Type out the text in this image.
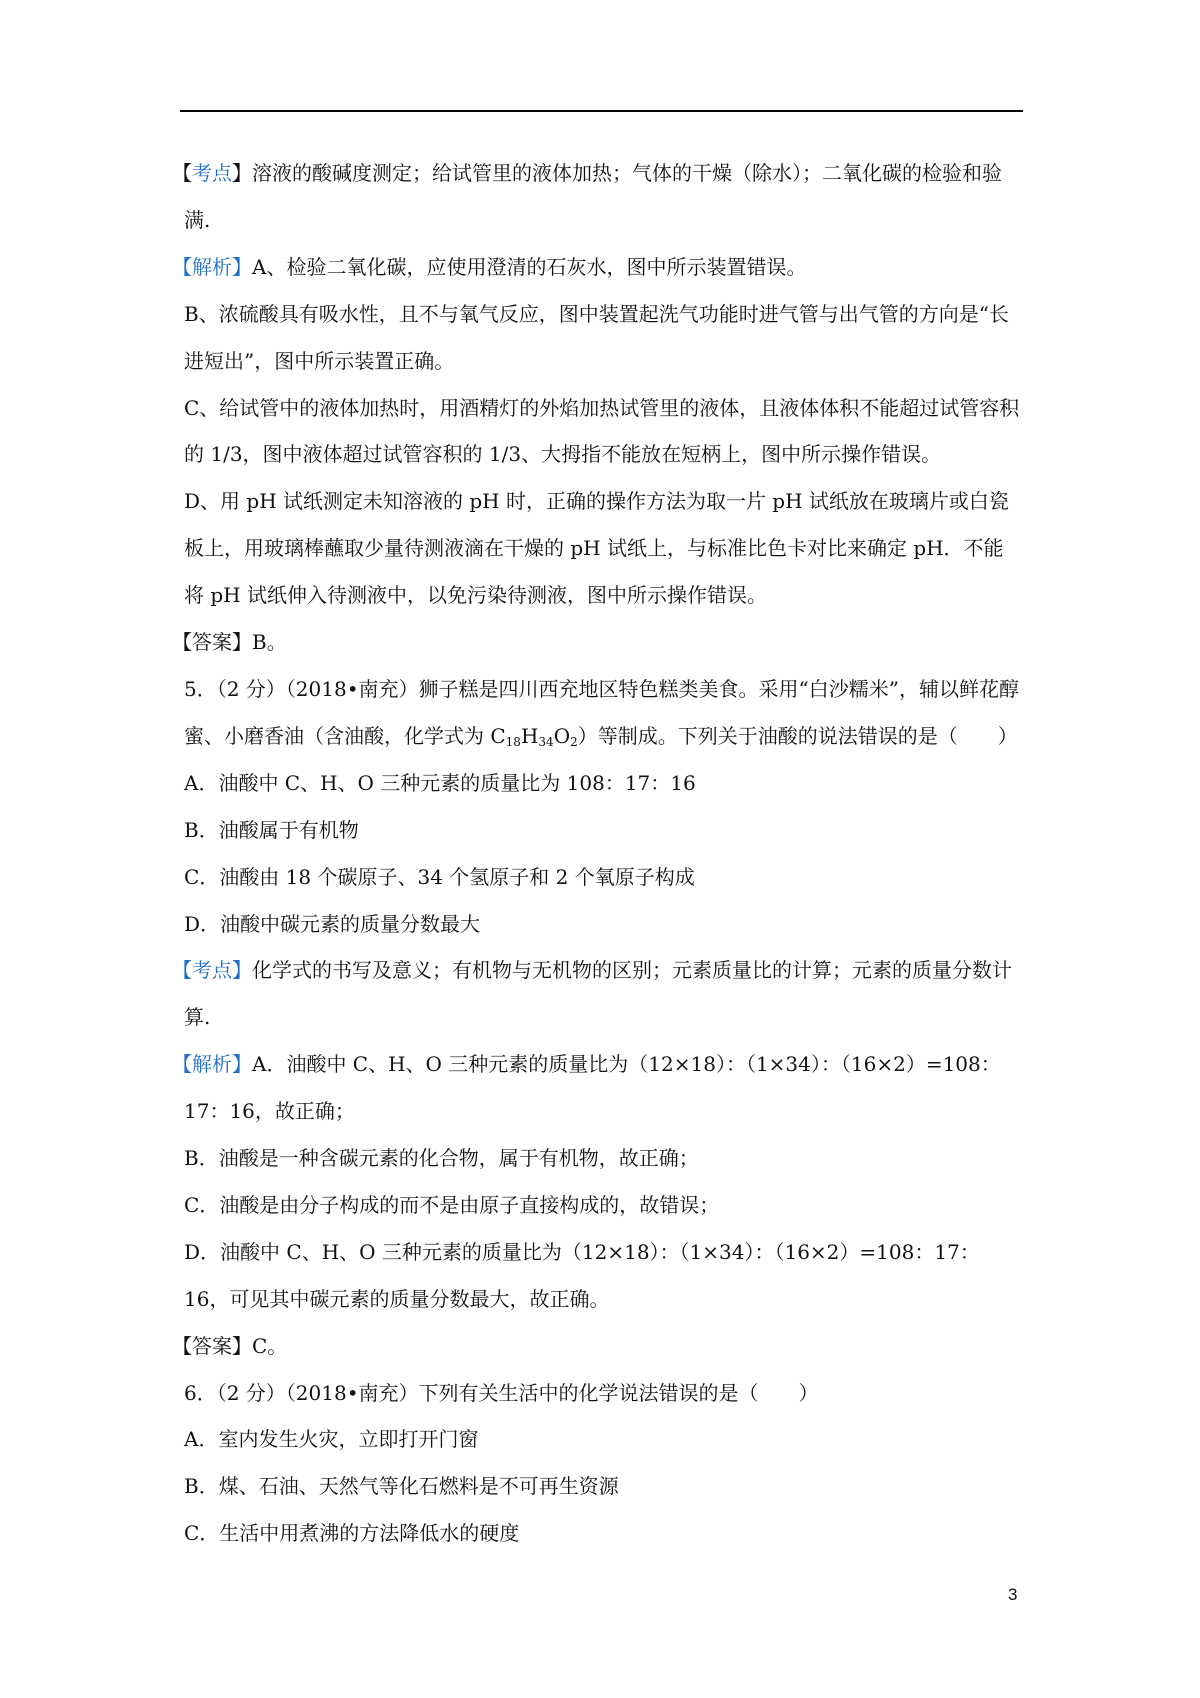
【考点】溶液的酸碱度测定；给试管里的液体加热；气体的干燥（除水）；二氧化碳的检验和验满.

【解析】A、检验二氧化碳，应使用澄清的石灰水，图中所示装置错误。

B、浓硫酸具有吸水性，且不与氧气反应，图中装置起洗气功能时进气管与出气管的方向是“长进短出”，图中所示装置正确。

C、给试管中的液体加热时，用酒精灯的外焰加热试管里的液体，且液体体积不能超过试管容积的 1/3，图中液体超过试管容积的 1/3、大拇指不能放在短柄上，图中所示操作错误。

D、用 pH 试纸测定未知溶液的 pH 时，正确的操作方法为取一片 pH 试纸放在玻璃片或白瓷板上，用玻璃棒蘸取少量待测液滴在干燥的 pH 试纸上，与标准比色卡对比来确定 pH．不能将 pH 试纸伸入待测液中，以免污染待测液，图中所示操作错误。

【答案】B。

5．（2 分）（2018•南充）狮子糕是四川西充地区特色糕类美食。采用“白沙糯米”，辅以鲜花醇蜜、小磨香油（含油酸，化学式为 $C_{18}H_{34}O_2$）等制成。下列关于油酸的说法错误的是（　　）

A．油酸中 C、H、O 三种元素的质量比为 108：17：16

B．油酸属于有机物

C．油酸由 18 个碳原子、34 个氢原子和 2 个氧原子构成

D．油酸中碳元素的质量分数最大

【考点】化学式的书写及意义；有机物与无机物的区别；元素质量比的计算；元素的质量分数计算.

【解析】A．油酸中 C、H、O 三种元素的质量比为（12×18）：（1×34）：（16×2）=108：17：16，故正确；

B．油酸是一种含碳元素的化合物，属于有机物，故正确；

C．油酸是由分子构成的而不是由原子直接构成的，故错误；

D．油酸中 C、H、O 三种元素的质量比为（12×18）：（1×34）：（16×2）=108：17：16，可见其中碳元素的质量分数最大，故正确。

【答案】C。

6．（2 分）（2018•南充）下列有关生活中的化学说法错误的是（　　）

A．室内发生火灾，立即打开门窗

B．煤、石油、天然气等化石燃料是不可再生资源

C．生活中用煮沸的方法降低水的硬度

3
